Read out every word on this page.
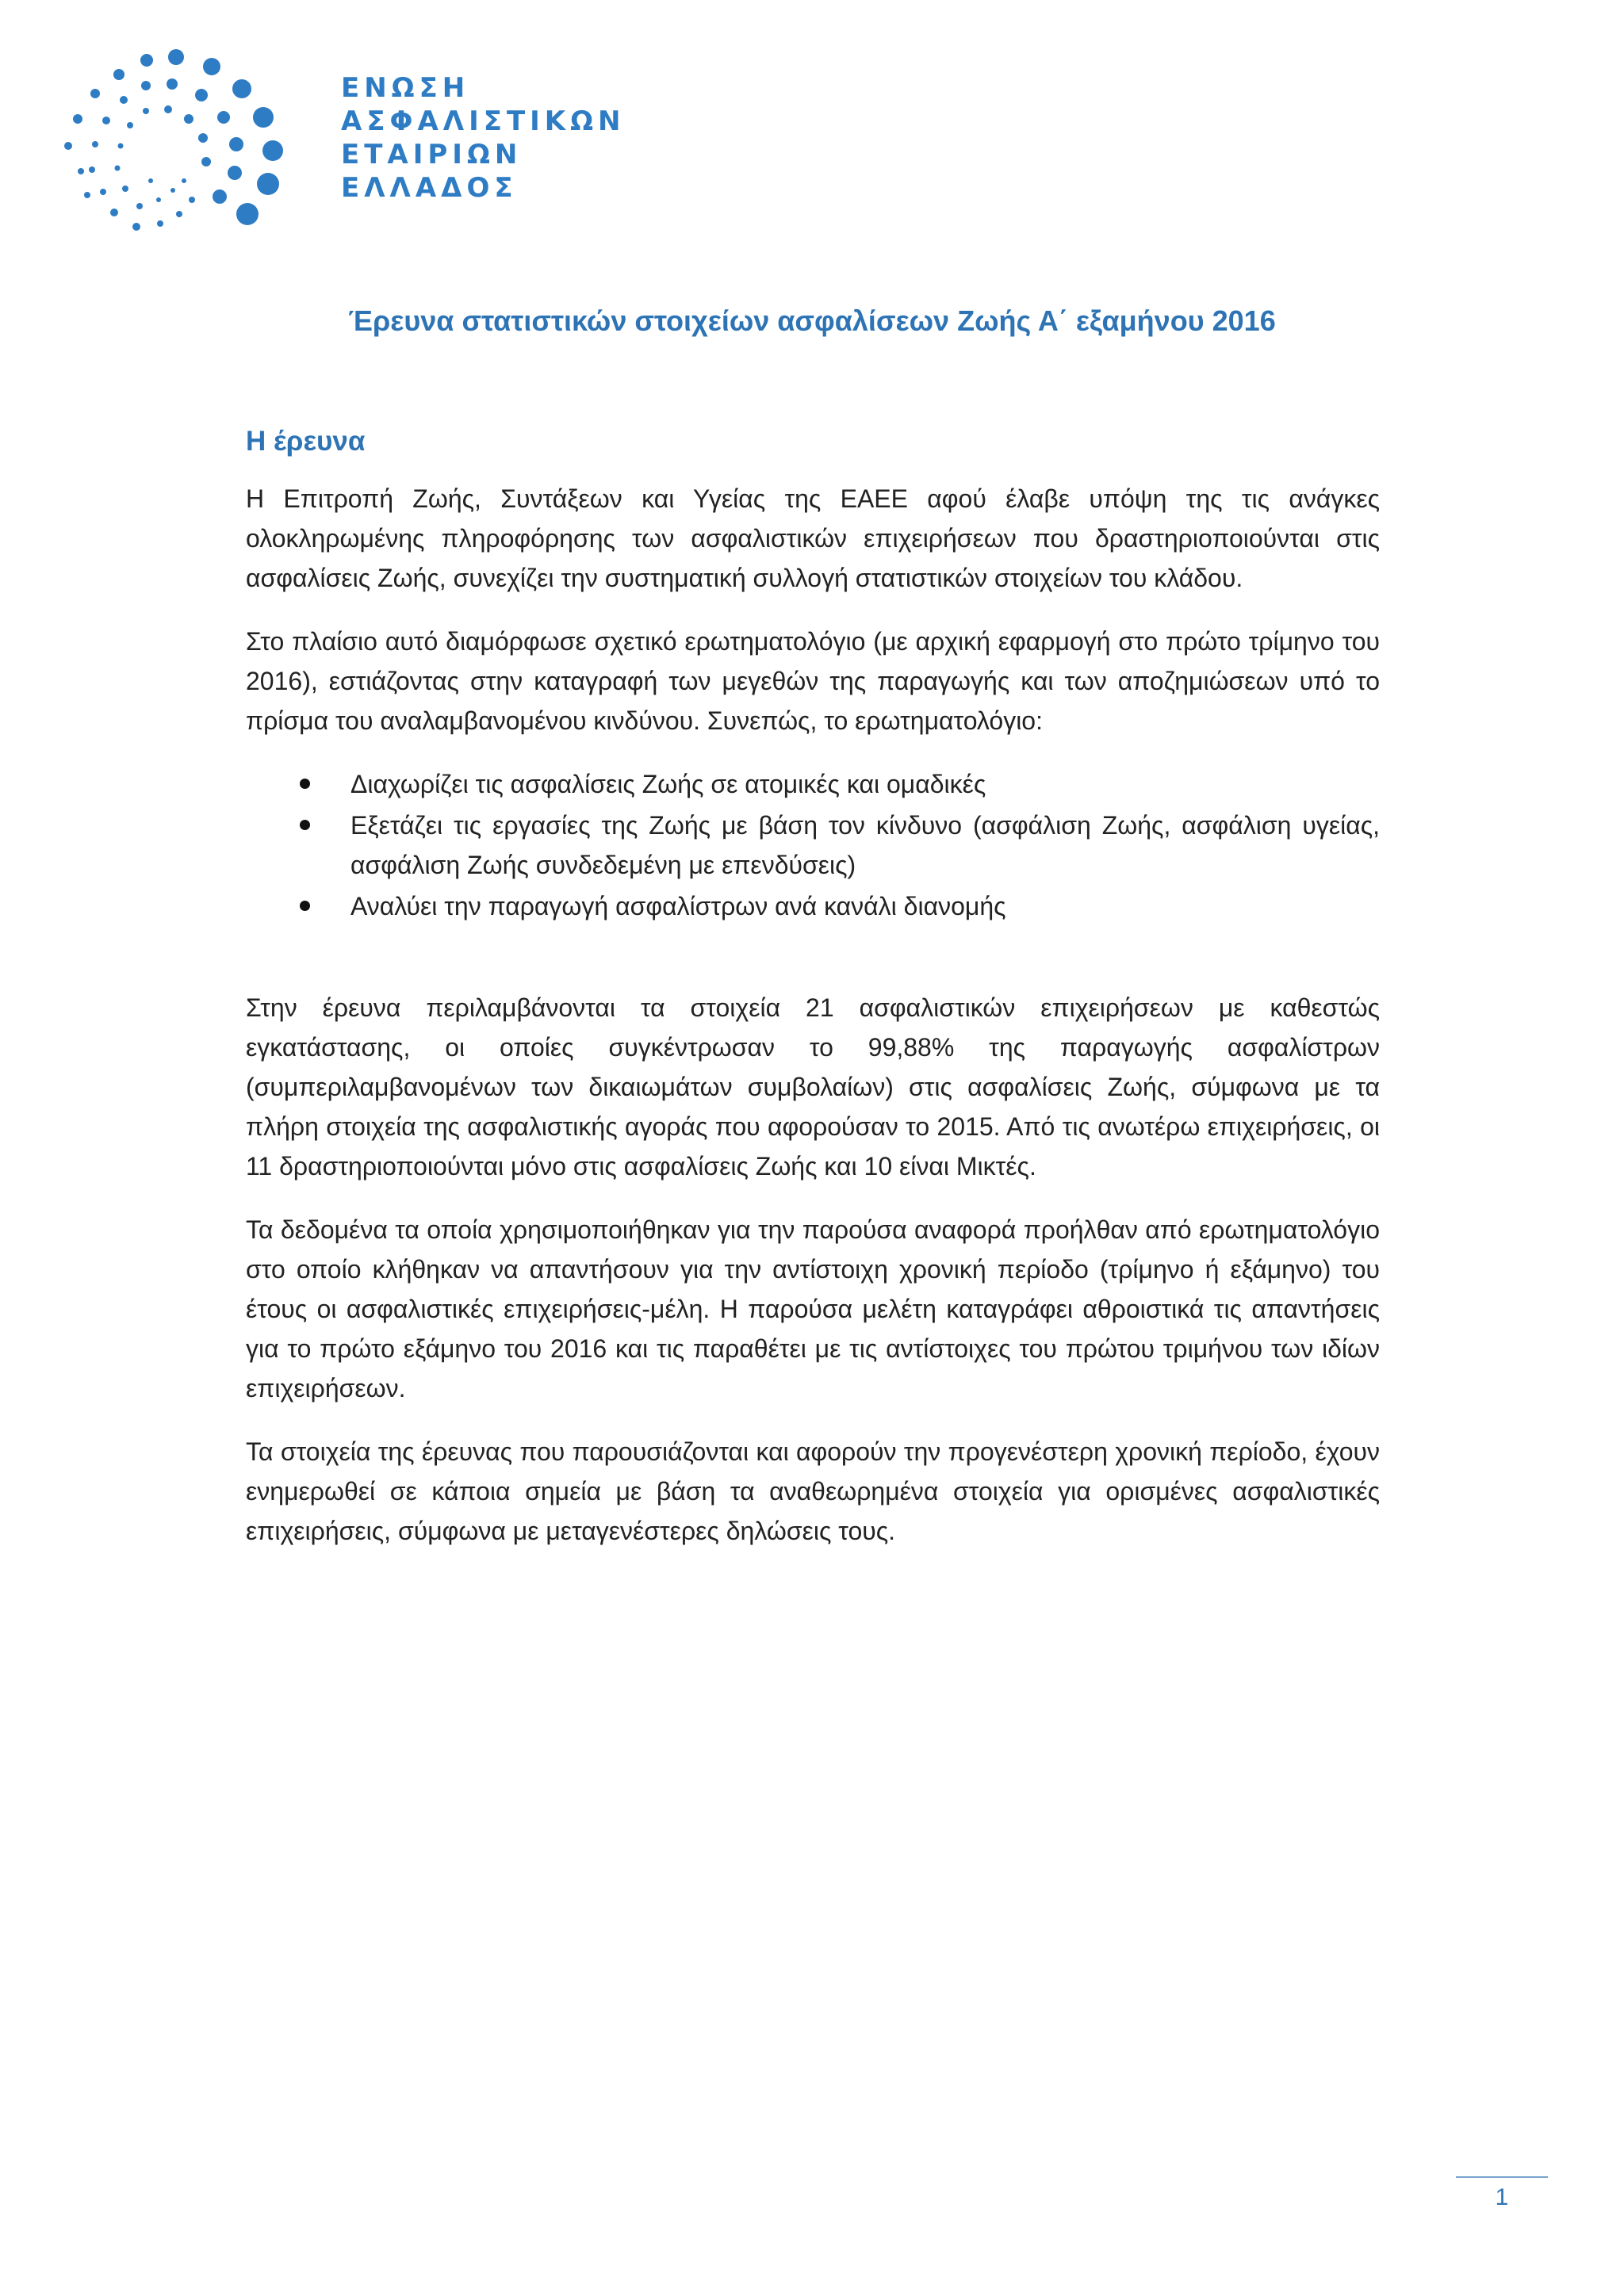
ΕΝΩΣΗ
ΑΣΦΑΛΙΣΤΙΚΩΝ
ΕΤΑΙΡΙΩΝ
ΕΛΛΑΔΟΣ
Έρευνα στατιστικών στοιχείων ασφαλίσεων Ζωής Α΄ εξαμήνου 2016
Η έρευνα

Η Επιτροπή Ζωής, Συντάξεων και Υγείας της ΕΑΕΕ αφού έλαβε υπόψη της τις ανάγκες ολοκληρωμένης πληροφόρησης των ασφαλιστικών επιχειρήσεων που δραστηριοποιούνται στις ασφαλίσεις Ζωής, συνεχίζει την συστηματική συλλογή στατιστικών στοιχείων του κλάδου.

Στο πλαίσιο αυτό διαμόρφωσε σχετικό ερωτηματολόγιο (με αρχική εφαρμογή στο πρώτο τρίμηνο του 2016), εστιάζοντας στην καταγραφή των μεγεθών της παραγωγής και των αποζημιώσεων υπό το πρίσμα του αναλαμβανομένου κινδύνου. Συνεπώς, το ερωτηματολόγιο:

Διαχωρίζει τις ασφαλίσεις Ζωής σε ατομικές και ομαδικές
Εξετάζει τις εργασίες της Ζωής με βάση τον κίνδυνο (ασφάλιση Ζωής, ασφάλιση υγείας, ασφάλιση Ζωής συνδεδεμένη με επενδύσεις)
Αναλύει την παραγωγή ασφαλίστρων ανά κανάλι διανομής

Στην έρευνα περιλαμβάνονται τα στοιχεία 21 ασφαλιστικών επιχειρήσεων με καθεστώς εγκατάστασης, οι οποίες συγκέντρωσαν το 99,88% της παραγωγής ασφαλίστρων (συμπεριλαμβανομένων των δικαιωμάτων συμβολαίων) στις ασφαλίσεις Ζωής, σύμφωνα με τα πλήρη στοιχεία της ασφαλιστικής αγοράς που αφορούσαν το 2015. Από τις ανωτέρω επιχειρήσεις, οι 11 δραστηριοποιούνται μόνο στις ασφαλίσεις Ζωής και 10 είναι Μικτές.

Τα δεδομένα τα οποία χρησιμοποιήθηκαν για την παρούσα αναφορά προήλθαν από ερωτηματολόγιο στο οποίο κλήθηκαν να απαντήσουν για την αντίστοιχη χρονική περίοδο (τρίμηνο ή εξάμηνο) του έτους οι ασφαλιστικές επιχειρήσεις-μέλη. Η παρούσα μελέτη καταγράφει αθροιστικά τις απαντήσεις για το πρώτο εξάμηνο του 2016 και τις παραθέτει με τις αντίστοιχες του πρώτου τριμήνου των ιδίων επιχειρήσεων.

Τα στοιχεία της έρευνας που παρουσιάζονται και αφορούν την προγενέστερη χρονική περίοδο, έχουν ενημερωθεί σε κάποια σημεία με βάση τα αναθεωρημένα στοιχεία για ορισμένες ασφαλιστικές επιχειρήσεις, σύμφωνα με μεταγενέστερες δηλώσεις τους.

1
